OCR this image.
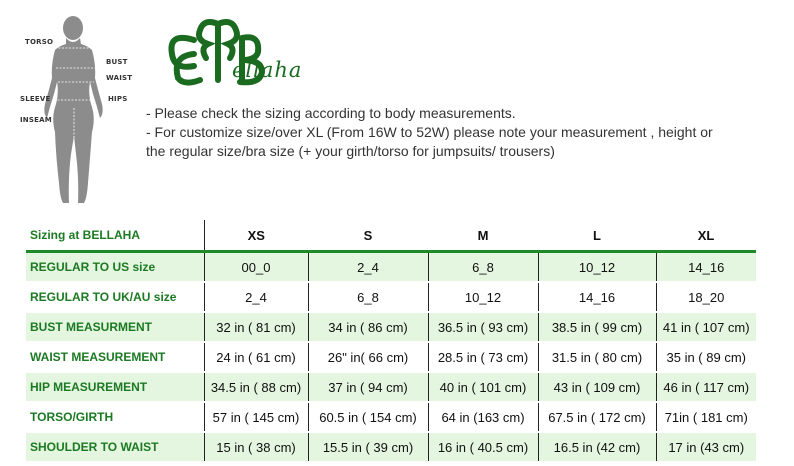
TORSO
BUST
WAIST
SLEEVE	HIPS
INSEAM
ellaha
- Please check the sizing according to body measurements.
- For customize size/over XL (From 16W to 52W) please note your measurement , height or
the regular size/bra size (+ your girth/torso for jumpsuits/ trousers)
Sizing at BELLAHA	XS	S	M	L	XL
REGULAR TO US size	00_0	2_4	6_8	10_12	14_16
REGULAR TO UK/AU size	2_4	6_8	10_12	14_16	18_20
BUST MEASURMENT	32 in ( 81 cm)	34 in ( 86 cm)	36.5 in ( 93 cm)	38.5 in ( 99 cm)	41 in ( 107 cm)
WAIST MEASUREMENT	24 in ( 61 cm)	26" in( 66 cm)	28.5 in ( 73 cm)	31.5 in ( 80 cm)	35 in ( 89 cm)
HIP MEASUREMENT	34.5 in ( 88 cm)	37 in ( 94 cm)	40 in ( 101 cm)	43 in ( 109 cm)	46 in ( 117 cm)
TORSO/GIRTH	57 in ( 145 cm)	60.5 in ( 154 cm)	64 in (163 cm)	67.5 in ( 172 cm)	71in ( 181 cm)
SHOULDER TO WAIST	15 in ( 38 cm)	15.5 in ( 39 cm)	16 in ( 40.5 cm)	16.5 in (42 cm)	17 in (43 cm)
